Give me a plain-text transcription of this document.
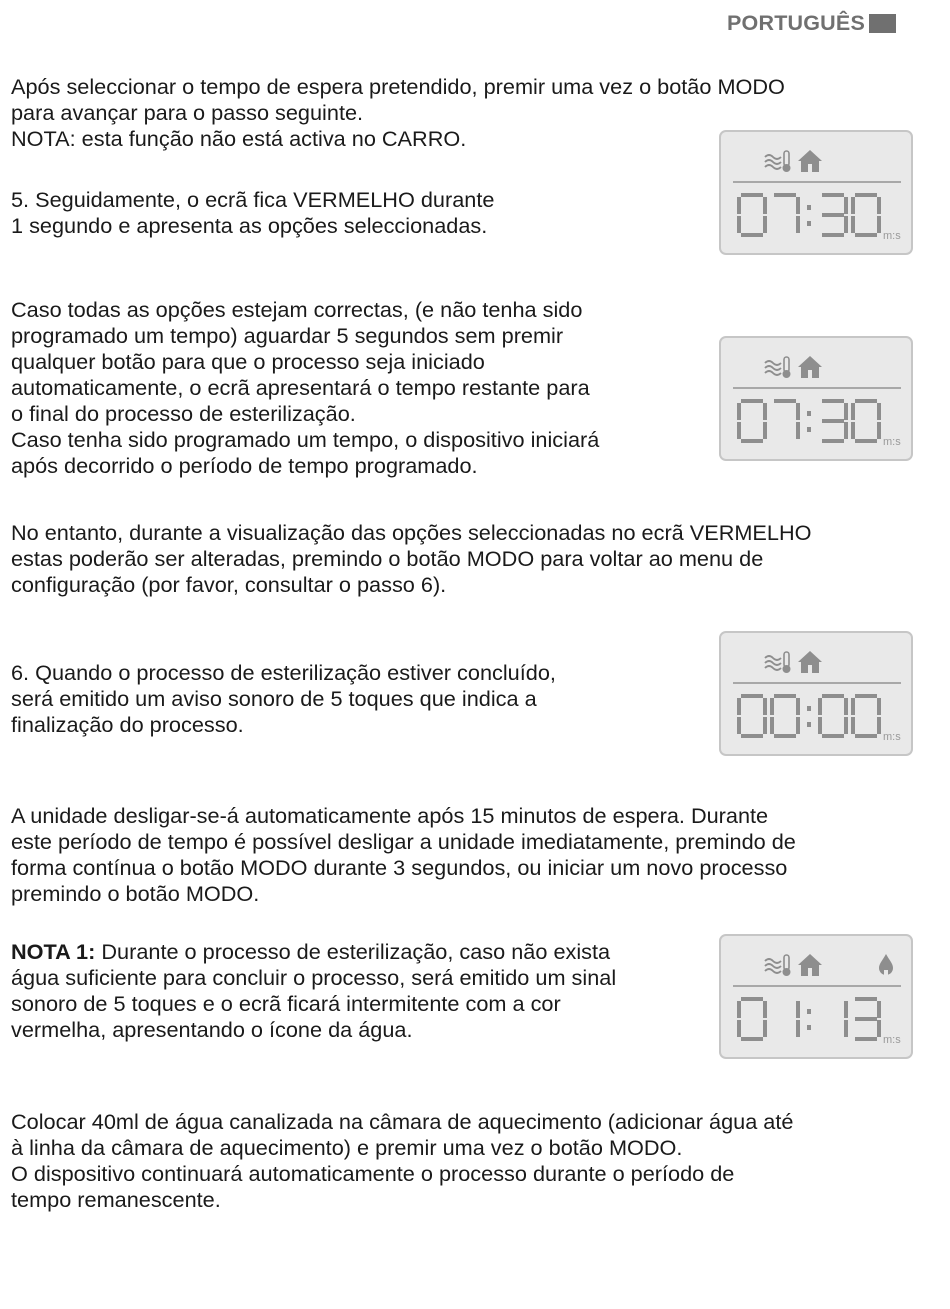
PORTUGUÊS
Após seleccionar o tempo de espera pretendido, premir uma vez o botão MODO
para avançar para o passo seguinte.
NOTA: esta função não está activa no CARRO.
5. Seguidamente, o ecrã fica VERMELHO durante
1 segundo e apresenta as opções seleccionadas.
Caso todas as opções estejam correctas, (e não tenha sido
programado um tempo) aguardar 5 segundos sem premir
qualquer botão para que o processo seja iniciado
automaticamente, o ecrã apresentará o tempo restante para
o final do processo de esterilização.
Caso tenha sido programado um tempo, o dispositivo iniciará
após decorrido o período de tempo programado.
No entanto, durante a visualização das opções seleccionadas no ecrã VERMELHO
estas poderão ser alteradas, premindo o botão MODO para voltar ao menu de
configuração (por favor, consultar o passo 6).
6. Quando o processo de esterilização estiver concluído,
será emitido um aviso sonoro de 5 toques que indica a
finalização do processo.
A unidade desligar-se-á automaticamente após 15 minutos de espera. Durante
este período de tempo é possível desligar a unidade imediatamente, premindo de
forma contínua o botão MODO durante 3 segundos, ou iniciar um novo processo
premindo o botão MODO.
NOTA 1: Durante o processo de esterilização, caso não exista
água suficiente para concluir o processo, será emitido um sinal
sonoro de 5 toques e o ecrã ficará intermitente com a cor
vermelha, apresentando o ícone da água.
Colocar 40ml de água canalizada na câmara de aquecimento (adicionar água até
à linha da câmara de aquecimento) e premir uma vez o botão MODO.
O dispositivo continuará automaticamente o processo durante o período de
tempo remanescente.
m:s
m:s
m:s
m:s
